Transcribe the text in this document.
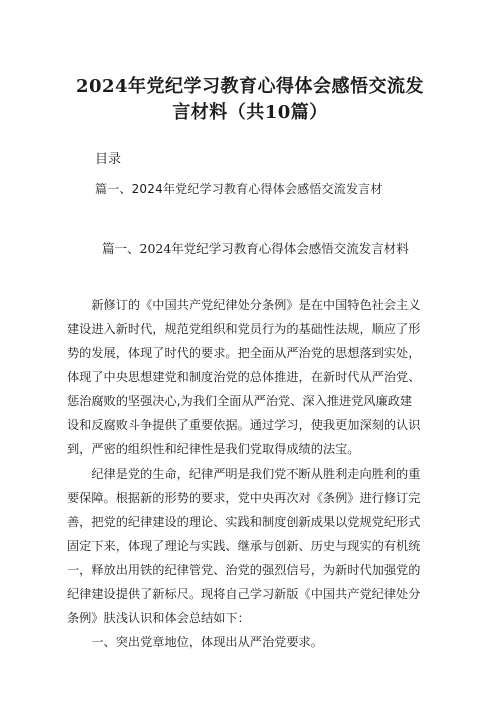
2024年党纪学习教育心得体会感悟交流发
言材料（共10篇）
目录
篇一、2024年党纪学习教育心得体会感悟交流发言材
篇一、2024年党纪学习教育心得体会感悟交流发言材料
　　新修订的《中国共产党纪律处分条例》是在中国特色社会主义
建设进入新时代，规范党组织和党员行为的基础性法规，顺应了形
势的发展，体现了时代的要求。把全面从严治党的思想落到实处，
体现了中央思想建党和制度治党的总体推进，在新时代从严治党、
惩治腐败的坚强决心,为我们全面从严治党、深入推进党风廉政建
设和反腐败斗争提供了重要依据。通过学习，使我更加深刻的认识
到，严密的组织性和纪律性是我们党取得成绩的法宝。
　　纪律是党的生命，纪律严明是我们党不断从胜利走向胜利的重
要保障。根据新的形势的要求，党中央再次对《条例》进行修订完
善，把党的纪律建设的理论、实践和制度创新成果以党规党纪形式
固定下来，体现了理论与实践、继承与创新、历史与现实的有机统
一，释放出用铁的纪律管党、治党的强烈信号，为新时代加强党的
纪律建设提供了新标尺。现将自己学习新版《中国共产党纪律处分
条例》肤浅认识和体会总结如下：
　　一、突出党章地位，体现出从严治党要求。
